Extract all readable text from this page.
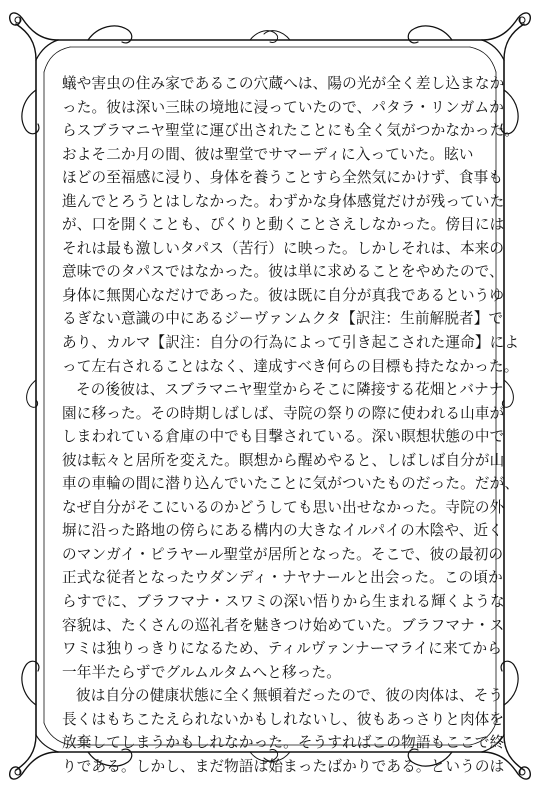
蟻や害虫の住み家であるこの穴蔵へは、陽の光が全く差し込まなか
った。彼は深い三昧の境地に浸っていたので、パタラ・リンガムか
らスブラマニヤ聖堂に運び出されたことにも全く気がつかなかった。
およそ二か月の間、彼は聖堂でサマーディに入っていた。眩い
ほどの至福感に浸り、身体を養うことすら全然気にかけず、食事も
進んでとろうとはしなかった。わずかな身体感覚だけが残っていた
が、口を開くことも、ぴくりと動くことさえしなかった。傍目には
それは最も激しいタパス（苦行）に映った。しかしそれは、本来の
意味でのタパスではなかった。彼は単に求めることをやめたので、
身体に無関心なだけであった。彼は既に自分が真我であるというゆ
るぎない意識の中にあるジーヴァンムクタ【訳注：生前解脱者】で
あり、カルマ【訳注：自分の行為によって引き起こされた運命】によ
って左右されることはなく、達成すべき何らの目標も持たなかった。
その後彼は、スブラマニヤ聖堂からそこに隣接する花畑とバナナ
園に移った。その時期しばしば、寺院の祭りの際に使われる山車が
しまわれている倉庫の中でも目撃されている。深い瞑想状態の中で
彼は転々と居所を変えた。瞑想から醒めやると、しばしば自分が山
車の車輪の間に潜り込んでいたことに気がついたものだった。だが、
なぜ自分がそこにいるのかどうしても思い出せなかった。寺院の外
塀に沿った路地の傍らにある構内の大きなイルパイの木陰や、近く
のマンガイ・ピラヤール聖堂が居所となった。そこで、彼の最初の
正式な従者となったウダンディ・ナヤナールと出会った。この頃か
らすでに、ブラフマナ・スワミの深い悟りから生まれる輝くような
容貌は、たくさんの巡礼者を魅きつけ始めていた。ブラフマナ・ス
ワミは独りっきりになるため、ティルヴァンナーマライに来てから
一年半たらずでグルムルタムへと移った。
彼は自分の健康状態に全く無頓着だったので、彼の肉体は、そう
長くはもちこたえられないかもしれないし、彼もあっさりと肉体を
放棄してしまうかもしれなかった。そうすればこの物語もここで終
りである。しかし、まだ物語は始まったばかりである。というのは
